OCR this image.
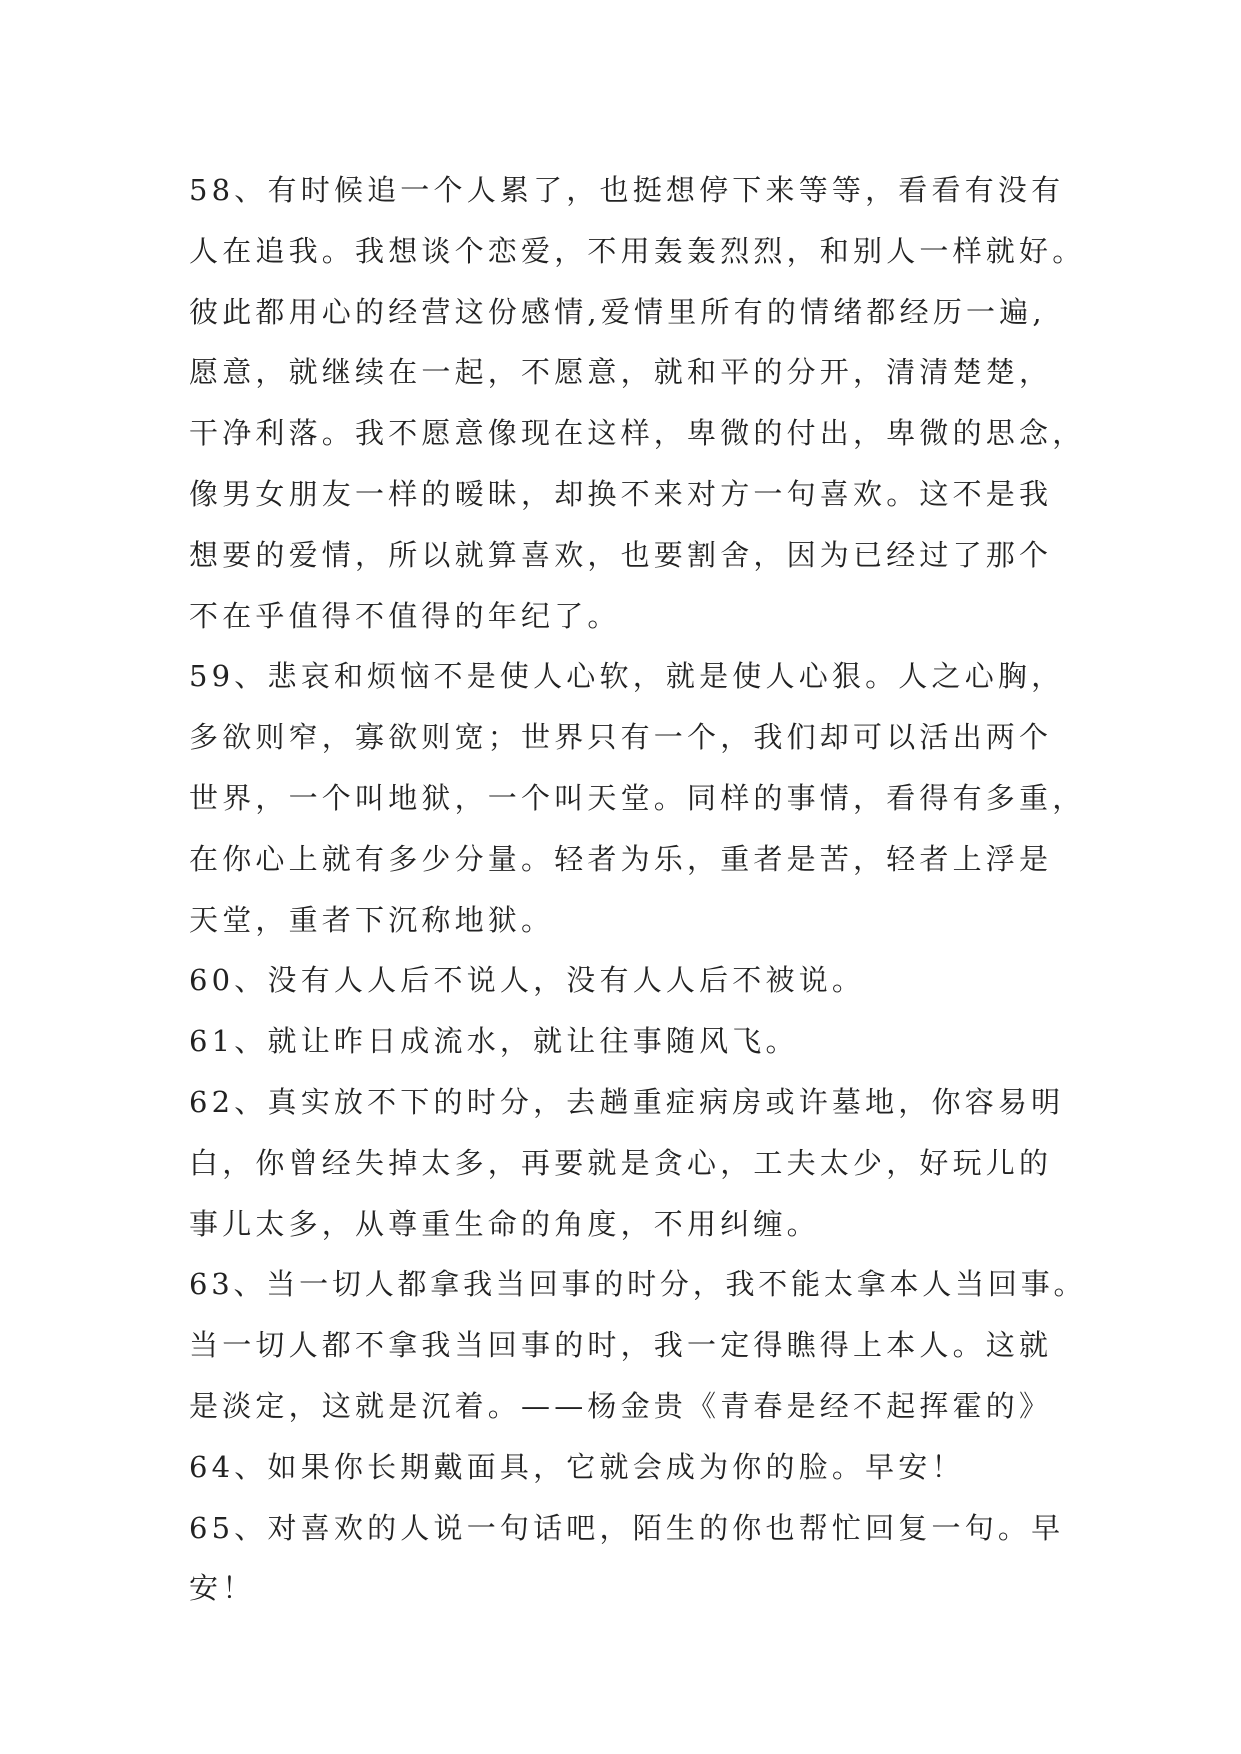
58、有时候追一个人累了，也挺想停下来等等，看看有没有
人在追我。我想谈个恋爱，不用轰轰烈烈，和别人一样就好。
彼此都用心的经营这份感情,爱情里所有的情绪都经历一遍,
愿意，就继续在一起，不愿意，就和平的分开，清清楚楚，
干净利落。我不愿意像现在这样，卑微的付出，卑微的思念，
像男女朋友一样的暧昧，却换不来对方一句喜欢。这不是我
想要的爱情，所以就算喜欢，也要割舍，因为已经过了那个
不在乎值得不值得的年纪了。
59、悲哀和烦恼不是使人心软，就是使人心狠。人之心胸，
多欲则窄，寡欲则宽；世界只有一个，我们却可以活出两个
世界，一个叫地狱，一个叫天堂。同样的事情，看得有多重，
在你心上就有多少分量。轻者为乐，重者是苦，轻者上浮是
天堂，重者下沉称地狱。
60、没有人人后不说人，没有人人后不被说。
61、就让昨日成流水，就让往事随风飞。
62、真实放不下的时分，去趟重症病房或许墓地，你容易明
白，你曾经失掉太多，再要就是贪心，工夫太少，好玩儿的
事儿太多，从尊重生命的角度，不用纠缠。
63、当一切人都拿我当回事的时分，我不能太拿本人当回事。
当一切人都不拿我当回事的时，我一定得瞧得上本人。这就
是淡定，这就是沉着。——杨金贵《青春是经不起挥霍的》
64、如果你长期戴面具，它就会成为你的脸。早安！
65、对喜欢的人说一句话吧，陌生的你也帮忙回复一句。早
安！
